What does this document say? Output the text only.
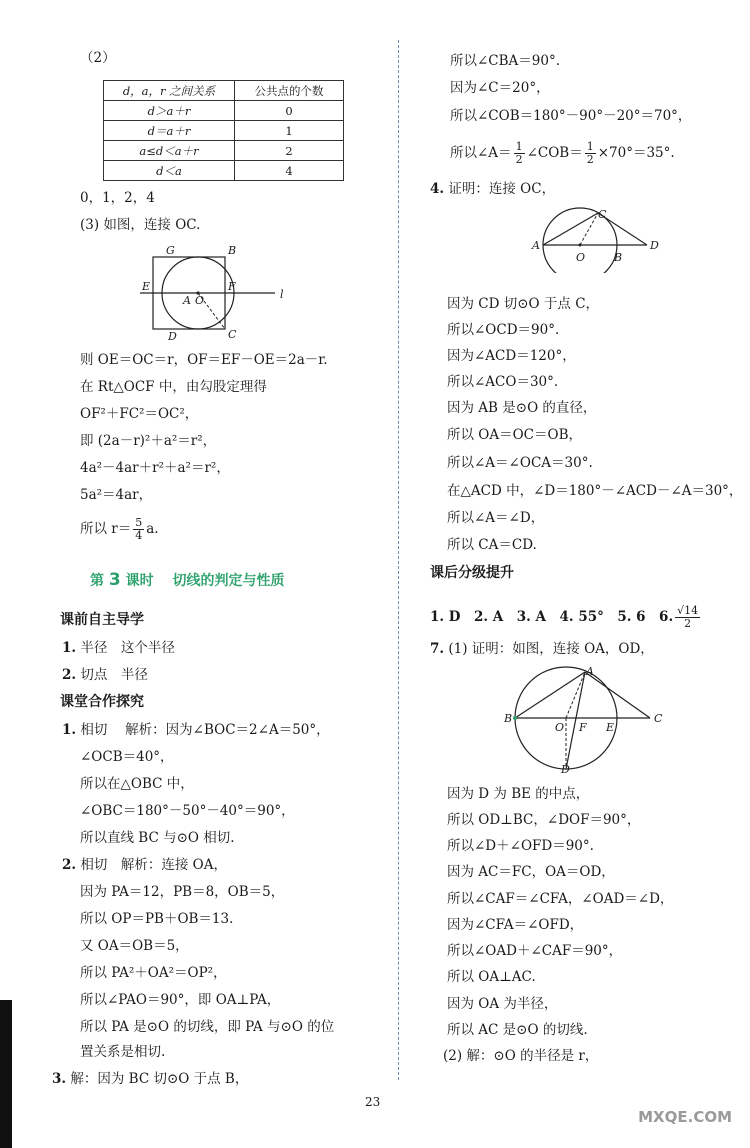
（2）
d，a，r 之间关系	公共点的个数
d＞a＋r	0
d＝a＋r	1
a≤d＜a＋r	2
d＜a	4
0，1，2，4
(3) 如图，连接 OC.
G	B
E
A O
F
l
D	C
则 OE＝OC＝r，OF＝EF－OE＝2a－r.
在 Rt△OCF 中，由勾股定理得
OF²＋FC²＝OC²，
即 (2a－r)²＋a²＝r²，
4a²－4ar＋r²＋a²＝r²，
5a²＝4ar，
所以 $r= \frac{5}{4} a$.
第 3 课时 切线的判定与性质
课前自主导学
1. 半径　这个半径
2. 切点　半径
课堂合作探究
1. 相切　 解析：因为∠BOC＝2∠A＝50°，
∠OCB＝40°，
所以在△OBC 中，
∠OBC＝180°－50°－40°＝90°，
所以直线 BC 与⊙O 相切.
2. 相切　解析：连接 OA，
因为 PA＝12，PB＝8，OB＝5，
所以 OP＝PB＋OB＝13.
又 OA＝OB＝5，
所以 PA²＋OA²＝OP²，
所以∠PAO＝90°，即 OA⊥PA，
所以 PA 是⊙O 的切线，即 PA 与⊙O 的位
置关系是相切.
3. 解：因为 BC 切⊙O 于点 B，
所以∠CBA＝90°.
因为∠C＝20°，
所以∠COB＝180°－90°－20°＝70°，
所以∠A＝ $\frac{1}{2}$ ∠COB＝ $\frac{1}{2} \times 70^\circ=35^\circ$.
4. 证明：连接 OC，
C
A
O	B
D
因为 CD 切⊙O 于点 C，
所以∠OCD＝90°.
因为∠ACD＝120°，
所以∠ACO＝30°.
因为 AB 是⊙O 的直径，
所以 OA＝OC＝OB，
所以∠A＝∠OCA＝30°.
在△ACD 中，∠D＝180°－∠ACD－∠A＝30°，
所以∠A＝∠D，
所以 CA＝CD.
课后分级提升
1. D　2. A　3. A　4. 55°　5. 6　6. $\frac{√14}{2}$
7. (1) 证明：如图，连接 OA，OD，
A
B
O F E
C
D
因为 D 为 BE 的中点，
所以 OD⊥BC，∠DOF＝90°，
所以∠D＋∠OFD＝90°.
因为 AC＝FC，OA＝OD，
所以∠CAF＝∠CFA，∠OAD＝∠D，
因为∠CFA＝∠OFD，
所以∠OAD＋∠CAF＝90°，
所以 OA⊥AC.
因为 OA 为半径，
所以 AC 是⊙O 的切线.
(2) 解：⊙O 的半径是 r，
23
MXQE.COM
